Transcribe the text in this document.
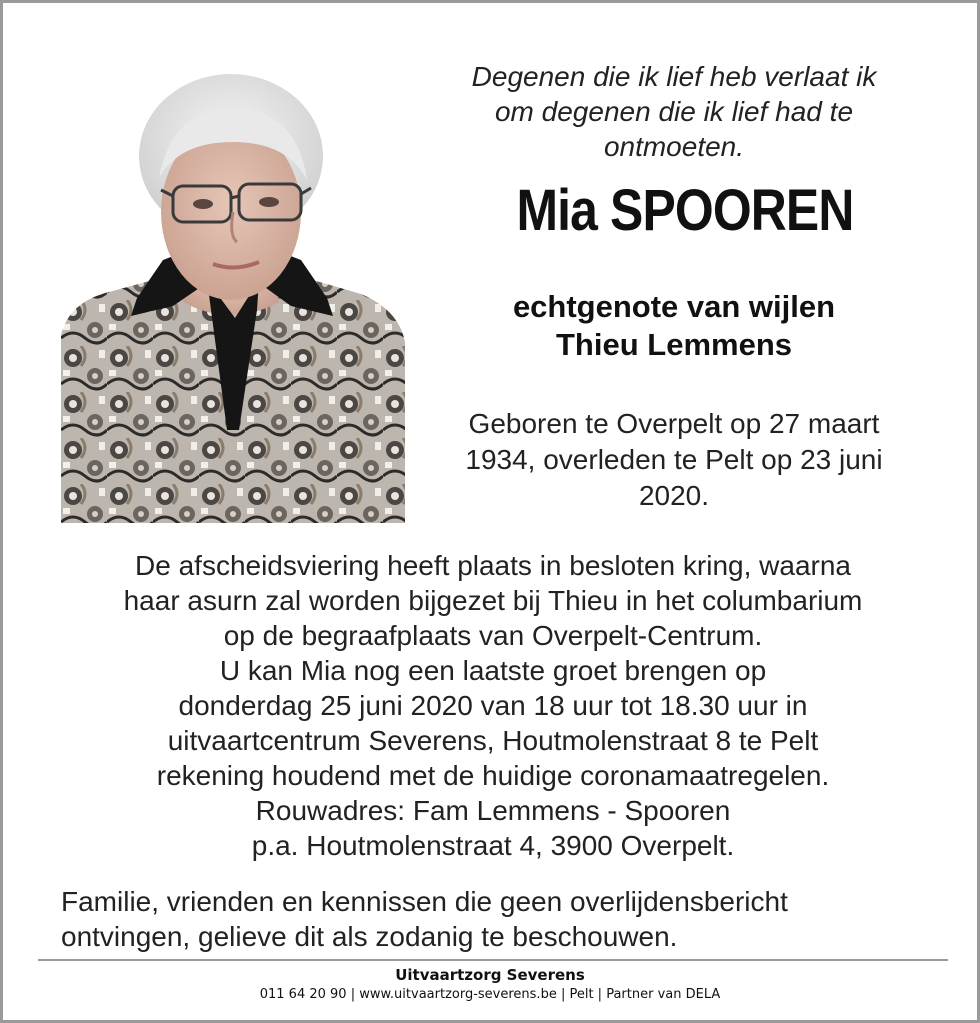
Degenen die ik lief heb verlaat ik
om degenen die ik lief had te
ontmoeten.
Mia SPOOREN
echtgenote van wijlen
Thieu Lemmens
Geboren te Overpelt op 27 maart
1934, overleden te Pelt op 23 juni
2020.
De afscheidsviering heeft plaats in besloten kring, waarna
haar asurn zal worden bijgezet bij Thieu in het columbarium
op de begraafplaats van Overpelt-Centrum.
U kan Mia nog een laatste groet brengen op
donderdag 25 juni 2020 van 18 uur tot 18.30 uur in
uitvaartcentrum Severens, Houtmolenstraat 8 te Pelt
rekening houdend met de huidige coronamaatregelen.
Rouwadres: Fam Lemmens - Spooren
p.a. Houtmolenstraat 4, 3900 Overpelt.
Familie, vrienden en kennissen die geen overlijdensbericht
ontvingen, gelieve dit als zodanig te beschouwen.
Uitvaartzorg Severens
011 64 20 90 | www.uitvaartzorg-severens.be | Pelt | Partner van DELA
